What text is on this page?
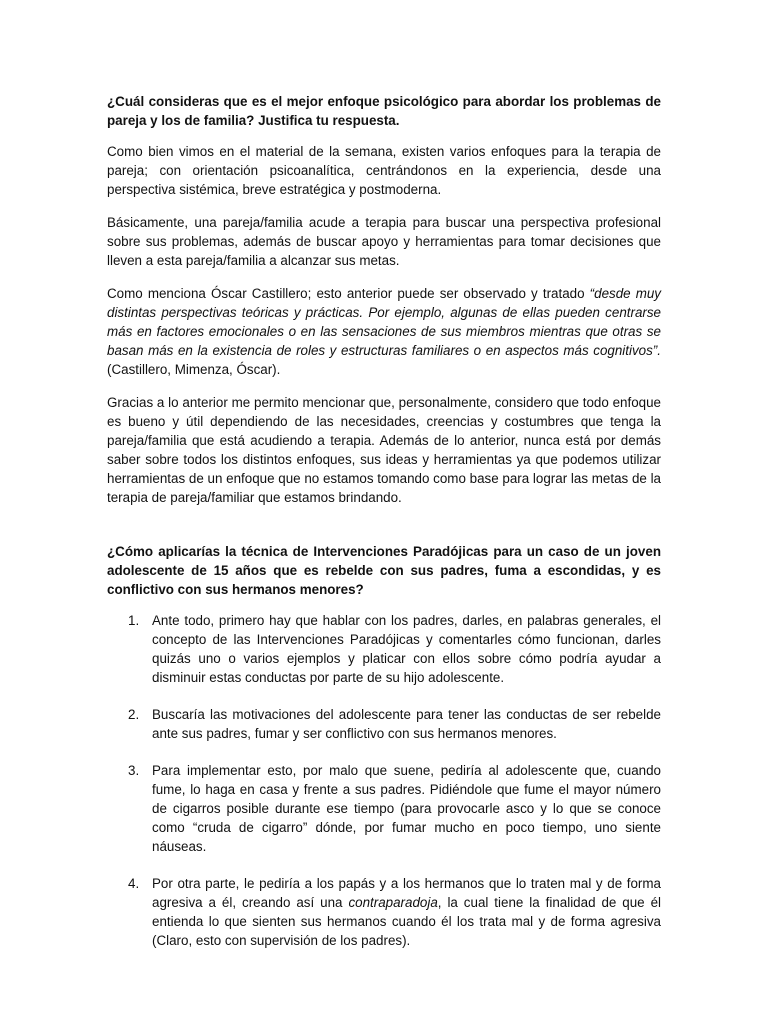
¿Cuál consideras que es el mejor enfoque psicológico para abordar los problemas de pareja y los de familia? Justifica tu respuesta.

Como bien vimos en el material de la semana, existen varios enfoques para la terapia de pareja; con orientación psicoanalítica, centrándonos en la experiencia, desde una perspectiva sistémica, breve estratégica y postmoderna.

Básicamente, una pareja/familia acude a terapia para buscar una perspectiva profesional sobre sus problemas, además de buscar apoyo y herramientas para tomar decisiones que lleven a esta pareja/familia a alcanzar sus metas.

Como menciona Óscar Castillero; esto anterior puede ser observado y tratado “desde muy distintas perspectivas teóricas y prácticas. Por ejemplo, algunas de ellas pueden centrarse más en factores emocionales o en las sensaciones de sus miembros mientras que otras se basan más en la existencia de roles y estructuras familiares o en aspectos más cognitivos”. (Castillero, Mimenza, Óscar).

Gracias a lo anterior me permito mencionar que, personalmente, considero que todo enfoque es bueno y útil dependiendo de las necesidades, creencias y costumbres que tenga la pareja/familia que está acudiendo a terapia. Además de lo anterior, nunca está por demás saber sobre todos los distintos enfoques, sus ideas y herramientas ya que podemos utilizar herramientas de un enfoque que no estamos tomando como base para lograr las metas de la terapia de pareja/familiar que estamos brindando.

¿Cómo aplicarías la técnica de Intervenciones Paradójicas para un caso de un joven adolescente de 15 años que es rebelde con sus padres, fuma a escondidas, y es conflictivo con sus hermanos menores?

1. Ante todo, primero hay que hablar con los padres, darles, en palabras generales, el concepto de las Intervenciones Paradójicas y comentarles cómo funcionan, darles quizás uno o varios ejemplos y platicar con ellos sobre cómo podría ayudar a disminuir estas conductas por parte de su hijo adolescente.
2. Buscaría las motivaciones del adolescente para tener las conductas de ser rebelde ante sus padres, fumar y ser conflictivo con sus hermanos menores.
3. Para implementar esto, por malo que suene, pediría al adolescente que, cuando fume, lo haga en casa y frente a sus padres. Pidiéndole que fume el mayor número de cigarros posible durante ese tiempo (para provocarle asco y lo que se conoce como “cruda de cigarro” dónde, por fumar mucho en poco tiempo, uno siente náuseas.
4. Por otra parte, le pediría a los papás y a los hermanos que lo traten mal y de forma agresiva a él, creando así una contraparadoja, la cual tiene la finalidad de que él entienda lo que sienten sus hermanos cuando él los trata mal y de forma agresiva (Claro, esto con supervisión de los padres).
